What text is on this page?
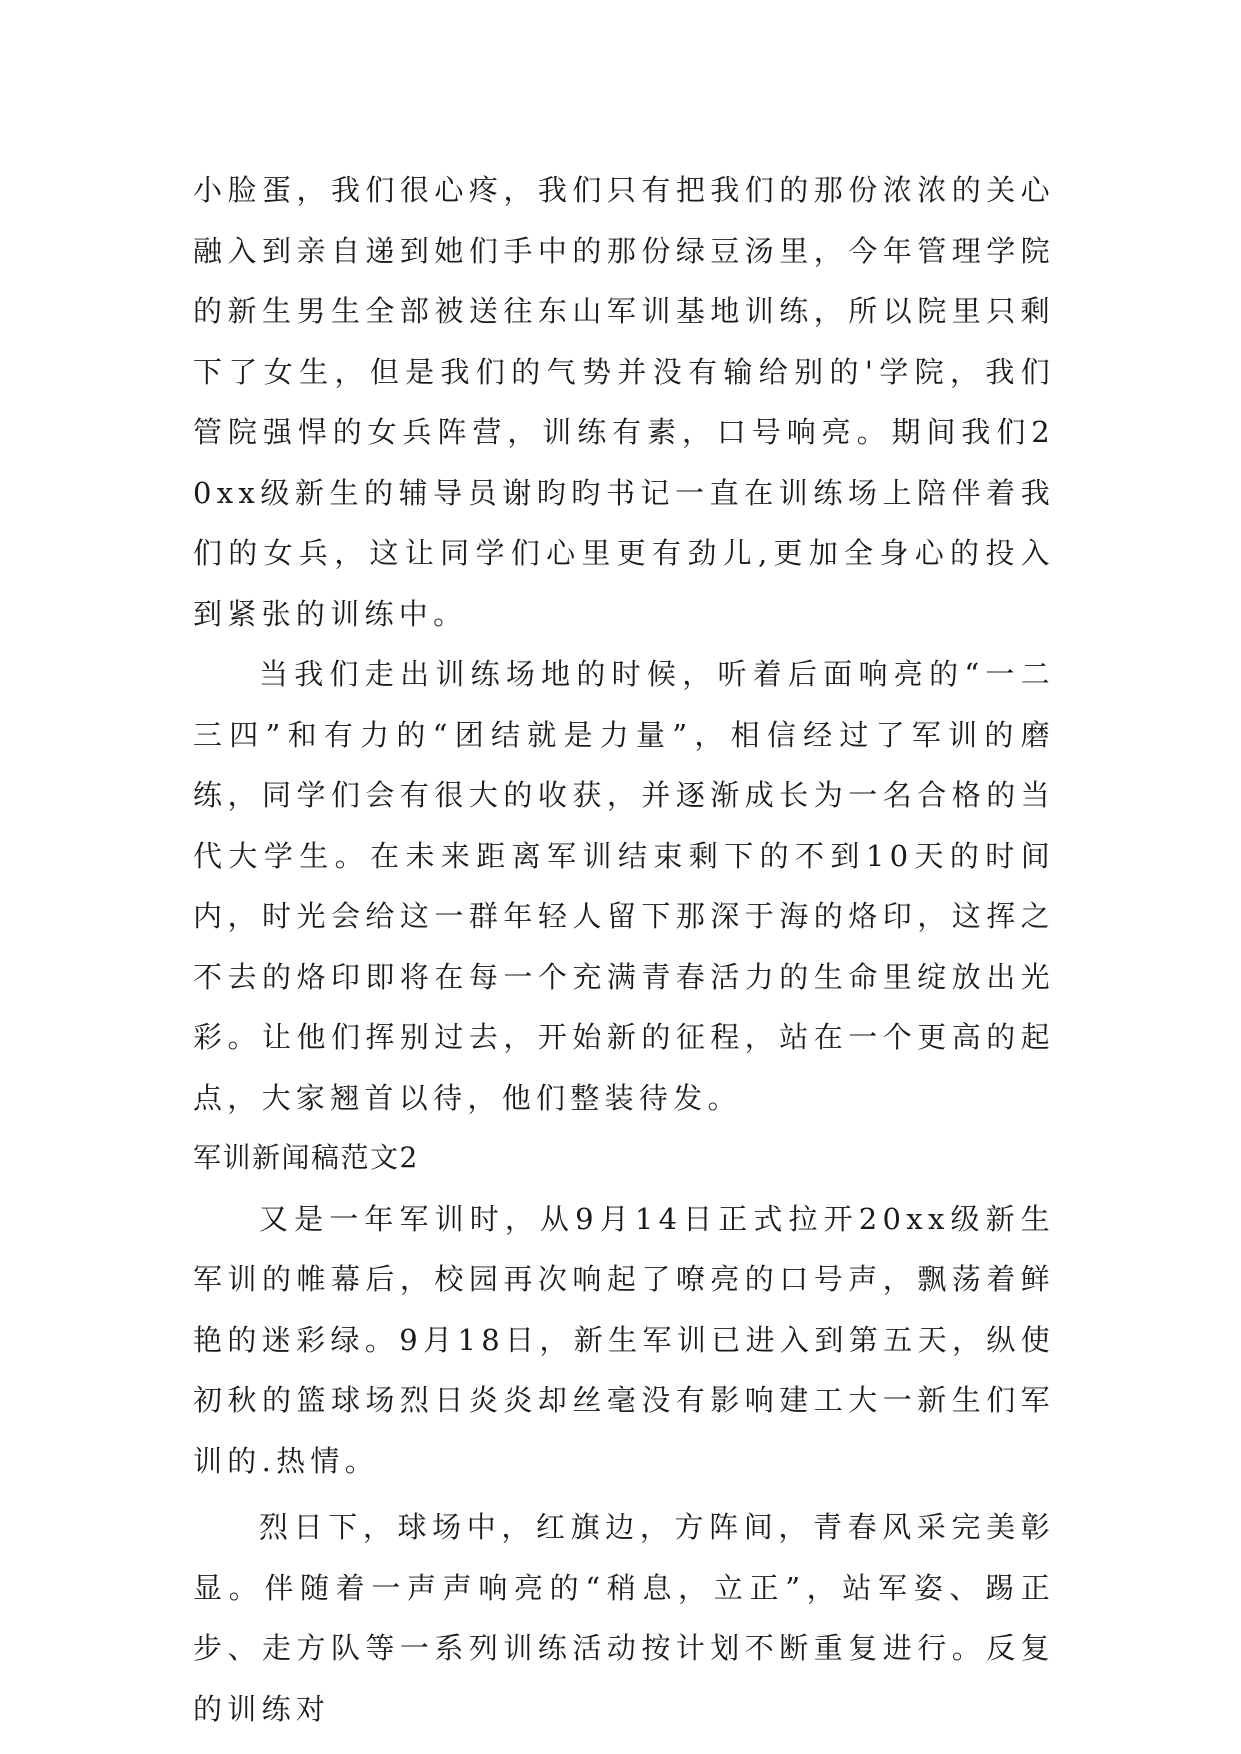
小脸蛋，我们很心疼，我们只有把我们的那份浓浓的关心融入到亲自递到她们手中的那份绿豆汤里，今年管理学院的新生男生全部被送往东山军训基地训练，所以院里只剩下了女生，但是我们的气势并没有输给别的'学院，我们管院强悍的女兵阵营，训练有素，口号响亮。期间我们20xx级新生的辅导员谢昀昀书记一直在训练场上陪伴着我们的女兵，这让同学们心里更有劲儿,更加全身心的投入到紧张的训练中。

当我们走出训练场地的时候，听着后面响亮的“一二三四”和有力的“团结就是力量”，相信经过了军训的磨练，同学们会有很大的收获，并逐渐成长为一名合格的当代大学生。在未来距离军训结束剩下的不到10天的时间内，时光会给这一群年轻人留下那深于海的烙印，这挥之不去的烙印即将在每一个充满青春活力的生命里绽放出光彩。让他们挥别过去，开始新的征程，站在一个更高的起点，大家翘首以待，他们整装待发。

军训新闻稿范文2

又是一年军训时，从9月14日正式拉开20xx级新生军训的帷幕后，校园再次响起了嘹亮的口号声，飘荡着鲜艳的迷彩绿。9月18日，新生军训已进入到第五天，纵使初秋的篮球场烈日炎炎却丝毫没有影响建工大一新生们军训的.热情。

烈日下，球场中，红旗边，方阵间，青春风采完美彰显。伴随着一声声响亮的“稍息，立正”，站军姿、踢正步、走方队等一系列训练活动按计划不断重复进行。反复的训练对
